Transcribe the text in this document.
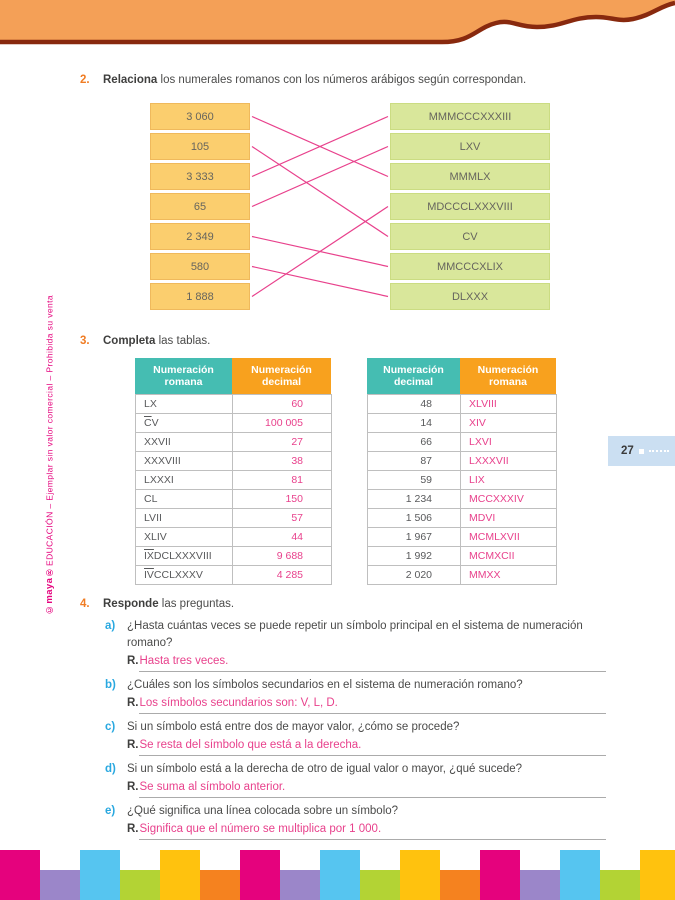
©maya®
EDUCACIÓN – Ejemplar sin valor comercial – Prohibida su venta	27
2. Relaciona los numerales romanos con los números arábigos según correspondan.
3 060
105
3 333
65
2 349
580
1 888
MMMCCCXXXIII
LXV
MMMLX
MDCCCLXXXVIII
CV
MMCCCXLIX
DLXXX
3. Completa las tablas.
Numeración romana
Numeración decimal
LX	60
$\overline{C}$ V	100 005
XXVII	27
XXXVIII	38
LXXXI	81
CL	150
LVII	57
XLIV	44
$\overline{IX}$ DCLXXXVIII	9 688
$\overline{IV}$ CCLXXXV	4 285
Numeración decimal
Numeración romana
48	XLVIII
14	XIV
66	LXVI
87	LXXXVII
59	LIX
1 234	MCCXXXIV
1 506	MDVI
1 967	MCMLXVII
1 992	MCMXCII
2 020	MMXX
4. Responde las preguntas.
a) ¿Hasta cuántas veces se puede repetir un símbolo principal en el sistema de numeración romano?
R. Hasta tres veces.
b) ¿Cuáles son los símbolos secundarios en el sistema de numeración romano?
R. Los símbolos secundarios son: V, L, D.
c) Si un símbolo está entre dos de mayor valor, ¿cómo se procede?
R. Se resta del símbolo que está a la derecha.
d) Si un símbolo está a la derecha de otro de igual valor o mayor, ¿qué sucede?
R. Se suma al símbolo anterior.
e) ¿Qué significa una línea colocada sobre un símbolo?
R. Significa que el número se multiplica por 1 000.
